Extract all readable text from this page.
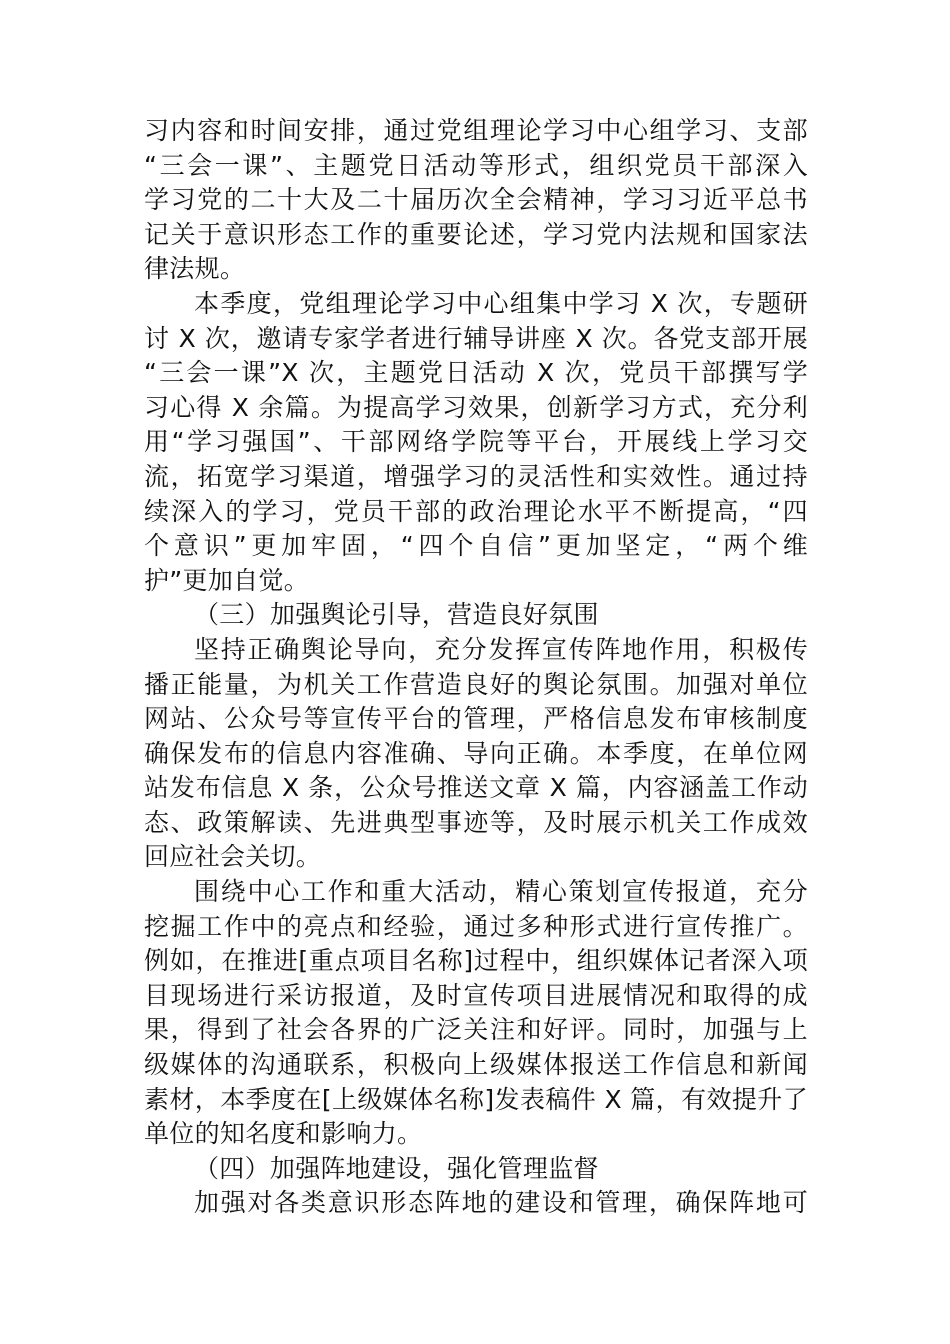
习内容和时间安排，通过党组理论学习中心组学习、支部
“三会一课”、主题党日活动等形式，组织党员干部深入
学习党的二十大及二十届历次全会精神，学习习近平总书
记关于意识形态工作的重要论述，学习党内法规和国家法
律法规。
本季度，党组理论学习中心组集中学习 X 次，专题研
讨 X 次，邀请专家学者进行辅导讲座 X 次。各党支部开展
“三会一课”X 次，主题党日活动 X 次，党员干部撰写学
习心得 X 余篇。为提高学习效果，创新学习方式，充分利
用“学习强国”、干部网络学院等平台，开展线上学习交
流，拓宽学习渠道，增强学习的灵活性和实效性。通过持
续深入的学习，党员干部的政治理论水平不断提高，“四
个意识”更加牢固，“四个自信”更加坚定，“两个维
护”更加自觉。
（三）加强舆论引导，营造良好氛围
坚持正确舆论导向，充分发挥宣传阵地作用，积极传
播正能量，为机关工作营造良好的舆论氛围。加强对单位
网站、公众号等宣传平台的管理，严格信息发布审核制度
确保发布的信息内容准确、导向正确。本季度，在单位网
站发布信息 X 条，公众号推送文章 X 篇，内容涵盖工作动
态、政策解读、先进典型事迹等，及时展示机关工作成效
回应社会关切。
围绕中心工作和重大活动，精心策划宣传报道，充分
挖掘工作中的亮点和经验，通过多种形式进行宣传推广。
例如，在推进[重点项目名称]过程中，组织媒体记者深入项
目现场进行采访报道，及时宣传项目进展情况和取得的成
果，得到了社会各界的广泛关注和好评。同时，加强与上
级媒体的沟通联系，积极向上级媒体报送工作信息和新闻
素材，本季度在[上级媒体名称]发表稿件 X 篇，有效提升了
单位的知名度和影响力。
（四）加强阵地建设，强化管理监督
加强对各类意识形态阵地的建设和管理，确保阵地可
